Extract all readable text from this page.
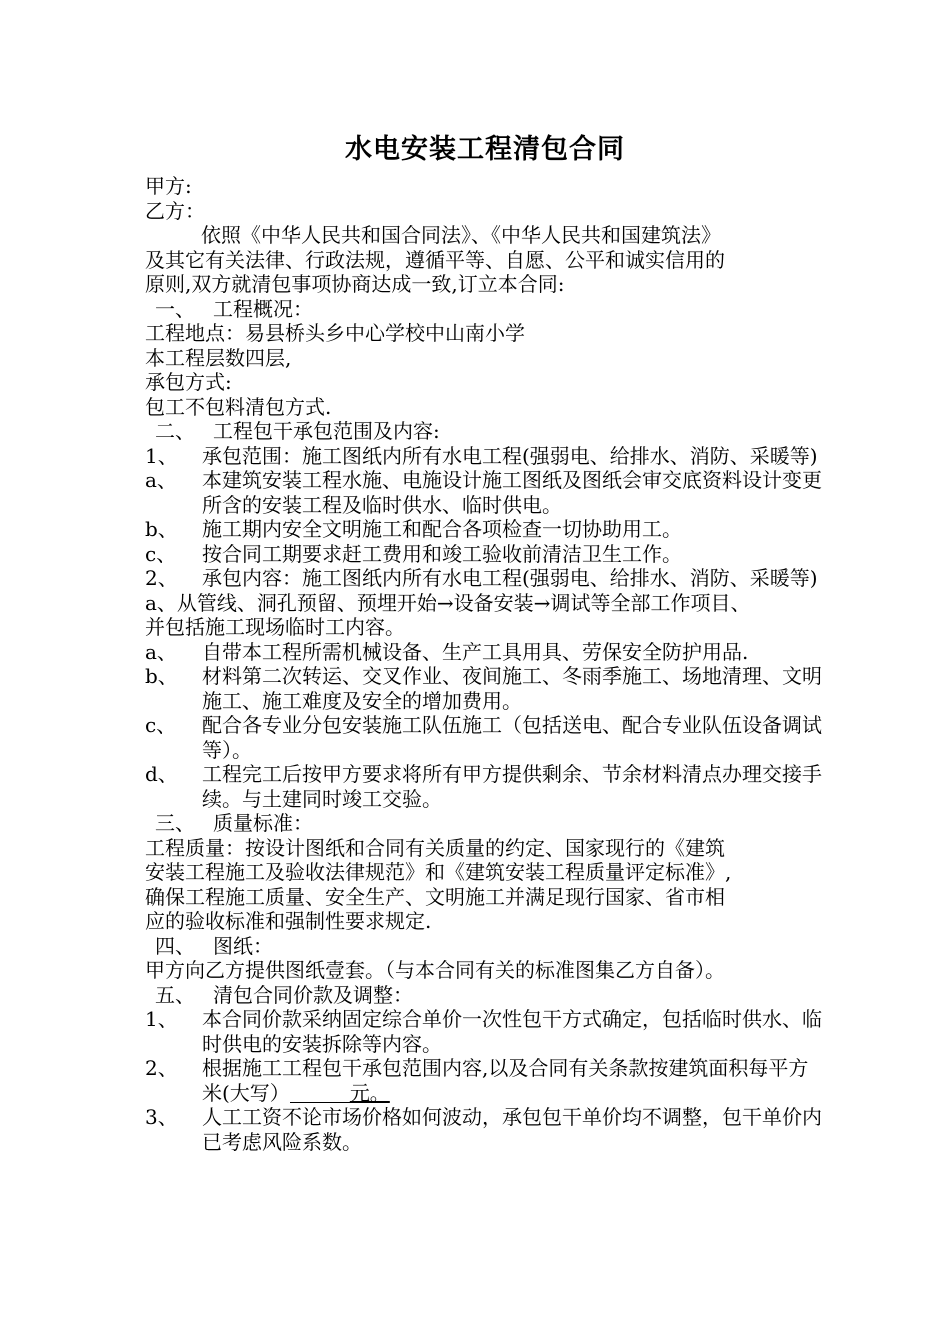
水电安装工程清包合同

甲方:

乙方：

依照《中华人民共和国合同法》、《中华人民共和国建筑法》

及其它有关法律、行政法规，遵循平等、自愿、公平和诚实信用的

原则,双方就清包事项协商达成一致,订立本合同:

一、 工程概况：

工程地点：易县桥头乡中心学校中山南小学

本工程层数四层,

承包方式:

包工不包料清包方式.

二、 工程包干承包范围及内容:

1、	承包范围：施工图纸内所有水电工程(强弱电、给排水、消防、采暖等)
a、	本建筑安装工程水施、电施设计施工图纸及图纸会审交底资料设计变更所含的安装工程及临时供水、临时供电。
b、	施工期内安全文明施工和配合各项检查一切协助用工。
c、	按合同工期要求赶工费用和竣工验收前清洁卫生工作。
2、	承包内容：施工图纸内所有水电工程(强弱电、给排水、消防、采暖等)

a、从管线、洞孔预留、预埋开始→设备安装→调试等全部工作项目、

并包括施工现场临时工内容。

a、	自带本工程所需机械设备、生产工具用具、劳保安全防护用品.
b、	材料第二次转运、交叉作业、夜间施工、冬雨季施工、场地清理、文明施工、施工难度及安全的增加费用。
c、	配合各专业分包安装施工队伍施工（包括送电、配合专业队伍设备调试等）。
d、	工程完工后按甲方要求将所有甲方提供剩余、节余材料清点办理交接手续。与土建同时竣工交验。

三、 质量标准：

工程质量：按设计图纸和合同有关质量的约定、国家现行的《建筑

安装工程施工及验收法律规范》和《建筑安装工程质量评定标准》,

确保工程施工质量、安全生产、文明施工并满足现行国家、省市相

应的验收标准和强制性要求规定.

四、 图纸：

甲方向乙方提供图纸壹套。（与本合同有关的标准图集乙方自备）。

五、 清包合同价款及调整：

1、	本合同价款采纳固定综合单价一次性包干方式确定，包括临时供水、临时供电的安装拆除等内容。
2、	根据施工工程包干承包范围内容,以及合同有关条款按建筑面积每平方米(大写）	元。
3、	人工工资不论市场价格如何波动，承包包干单价均不调整，包干单价内已考虑风险系数。
